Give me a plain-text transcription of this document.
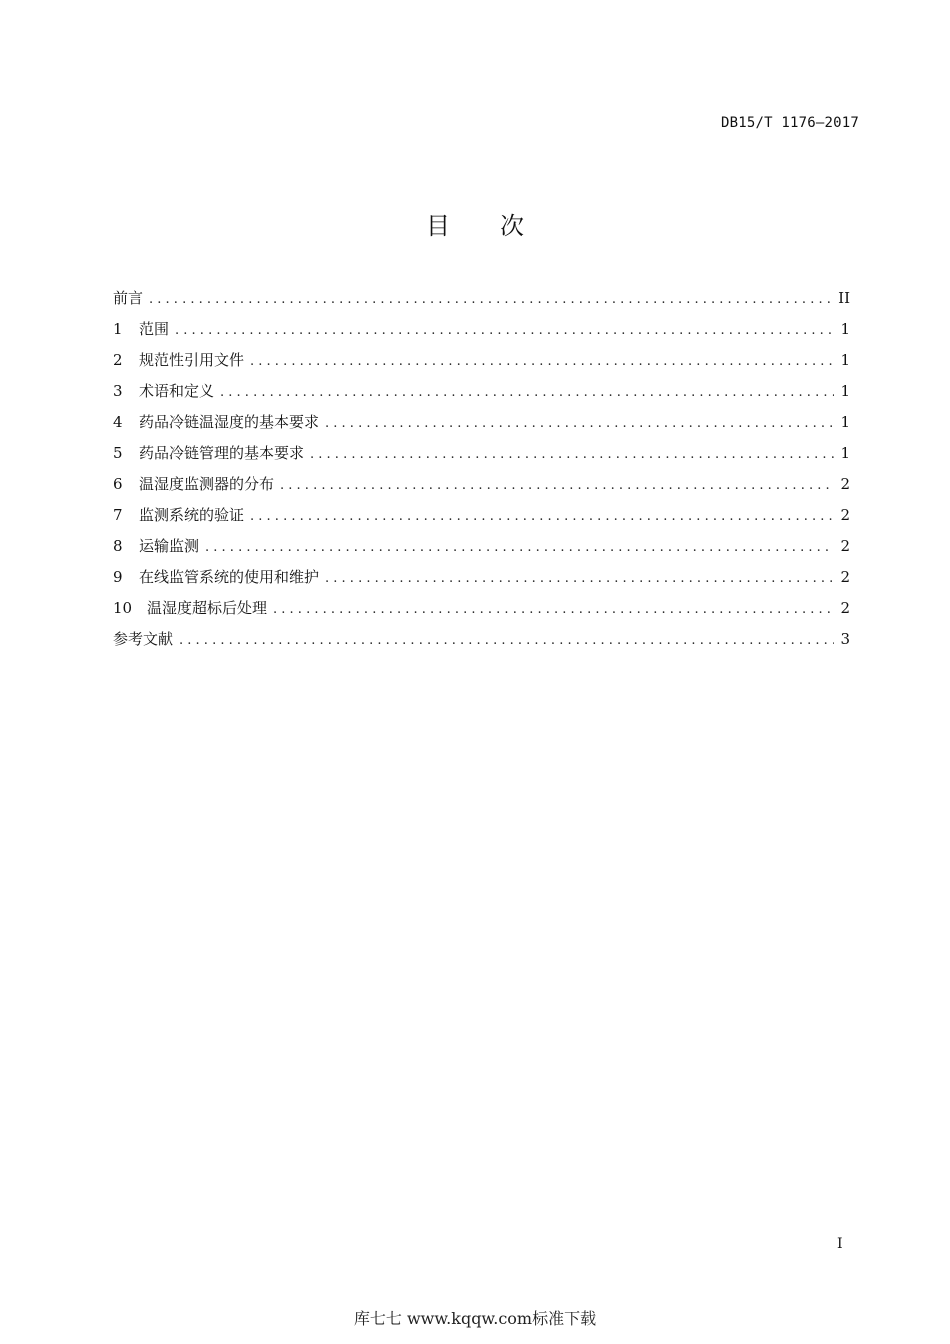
DB15/T 1176—2017
目次
前言 . . .	II
1	范围 . . .	1
2	规范性引用文件 . . .	1
3	术语和定义 . . .	1
4	药品冷链温湿度的基本要求 . . .	1
5	药品冷链管理的基本要求 . . .	1
6	温湿度监测器的分布 . . .	2
7	监测系统的验证 . . .	2
8	运输监测 . . .	2
9	在线监管系统的使用和维护 . . .	2
10 温湿度超标后处理 . . .	2
参考文献 . . .	3
I
库七七 www.kqqw.com标准下载
